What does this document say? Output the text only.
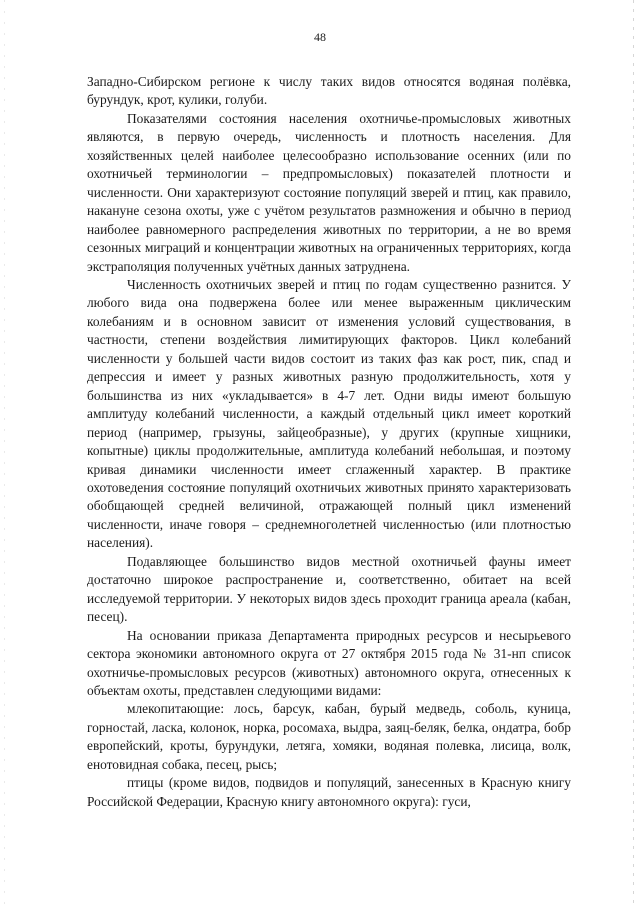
48

Западно-Сибирском регионе к числу таких видов относятся водяная полёвка, бурундук, крот, кулики, голуби.

Показателями состояния населения охотничье-промысловых животных являются, в первую очередь, численность и плотность населения. Для хозяйственных целей наиболее целесообразно использование осенних (или по охотничьей терминологии – предпромысловых) показателей плотности и численности. Они характеризуют состояние популяций зверей и птиц, как правило, накануне сезона охоты, уже с учётом результатов размножения и обычно в период наиболее равномерного распределения животных по территории, а не во время сезонных миграций и концентрации животных на ограниченных территориях, когда экстраполяция полученных учётных данных затруднена.

Численность охотничьих зверей и птиц по годам существенно разнится. У любого вида она подвержена более или менее выраженным циклическим колебаниям и в основном зависит от изменения условий существования, в частности, степени воздействия лимитирующих факторов. Цикл колебаний численности у большей части видов состоит из таких фаз как рост, пик, спад и депрессия и имеет у разных животных разную продолжительность, хотя у большинства из них «укладывается» в 4-7 лет. Одни виды имеют большую амплитуду колебаний численности, а каждый отдельный цикл имеет короткий период (например, грызуны, зайцеобразные), у других (крупные хищники, копытные) циклы продолжительные, амплитуда колебаний небольшая, и поэтому кривая динамики численности имеет сглаженный характер. В практике охотоведения состояние популяций охотничьих животных принято характеризовать обобщающей средней величиной, отражающей полный цикл изменений численности, иначе говоря – среднемноголетней численностью (или плотностью населения).

Подавляющее большинство видов местной охотничьей фауны имеет достаточно широкое распространение и, соответственно, обитает на всей исследуемой территории. У некоторых видов здесь проходит граница ареала (кабан, песец).

На основании приказа Департамента природных ресурсов и несырьевого сектора экономики автономного округа от 27 октября 2015 года № 31-нп список охотничье-промысловых ресурсов (животных) автономного округа, отнесенных к объектам охоты, представлен следующими видами:

млекопитающие: лось, барсук, кабан, бурый медведь, соболь, куница, горностай, ласка, колонок, норка, росомаха, выдра, заяц-беляк, белка, ондатра, бобр европейский, кроты, бурундуки, летяга, хомяки, водяная полевка, лисица, волк, енотовидная собака, песец, рысь;

птицы (кроме видов, подвидов и популяций, занесенных в Красную книгу Российской Федерации, Красную книгу автономного округа): гуси,
